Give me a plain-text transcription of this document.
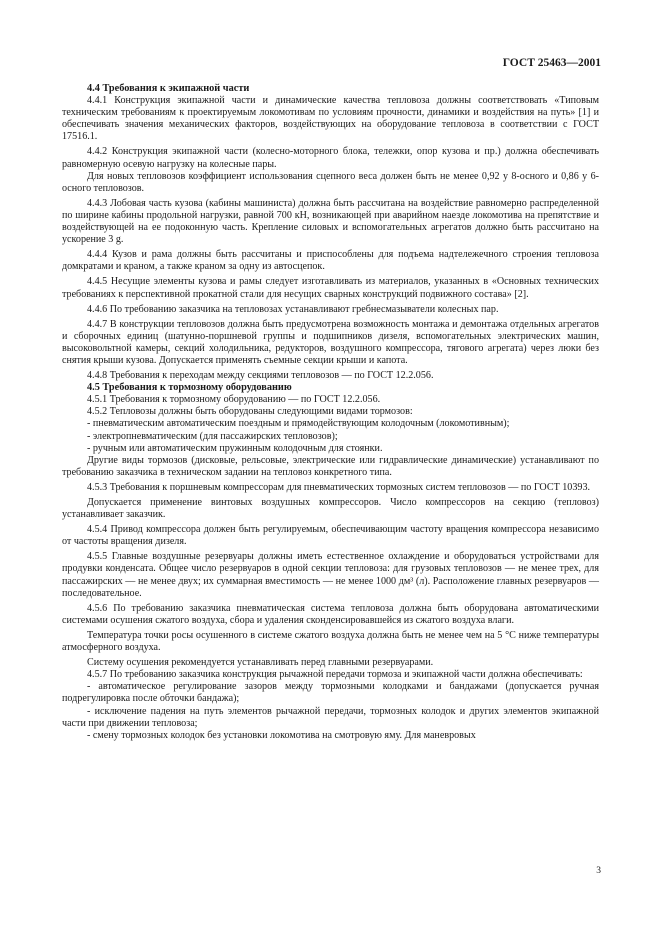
ГОСТ 25463—2001

4.4 Требования к экипажной части

4.4.1 Конструкция экипажной части и динамические качества тепловоза должны соответствовать «Типовым техническим требованиям к проектируемым локомотивам по условиям прочности, динамики и воздействия на путь» [1] и обеспечивать значения механических факторов, воздействующих на оборудование тепловоза в соответствии с ГОСТ 17516.1.

4.4.2 Конструкция экипажной части (колесно-моторного блока, тележки, опор кузова и пр.) должна обеспечивать равномерную осевую нагрузку на колесные пары.

Для новых тепловозов коэффициент использования сцепного веса должен быть не менее 0,92 у 8-осного и 0,86 у 6-осного тепловозов.

4.4.3 Лобовая часть кузова (кабины машиниста) должна быть рассчитана на воздействие равномерно распределенной по ширине кабины продольной нагрузки, равной 700 кН, возникающей при аварийном наезде локомотива на препятствие и воздействующей на ее подоконную часть. Крепление силовых и вспомогательных агрегатов должно быть рассчитано на ускорение 3 g.

4.4.4 Кузов и рама должны быть рассчитаны и приспособлены для подъема надтележечного строения тепловоза домкратами и краном, а также краном за одну из автосцепок.

4.4.5 Несущие элементы кузова и рамы следует изготавливать из материалов, указанных в «Основных технических требованиях к перспективной прокатной стали для несущих сварных конструкций подвижного состава» [2].

4.4.6 По требованию заказчика на тепловозах устанавливают гребнесмазыватели колесных пар.

4.4.7 В конструкции тепловозов должна быть предусмотрена возможность монтажа и демонтажа отдельных агрегатов и сборочных единиц (шатунно-поршневой группы и подшипников дизеля, вспомогательных электрических машин, высоковольтной камеры, секций холодильника, редукторов, воздушного компрессора, тягового агрегата) через люки без снятия крыши кузова. Допускается применять съемные секции крыши и капота.

4.4.8 Требования к переходам между секциями тепловозов — по ГОСТ 12.2.056.

4.5 Требования к тормозному оборудованию

4.5.1 Требования к тормозному оборудованию — по ГОСТ 12.2.056.

4.5.2 Тепловозы должны быть оборудованы следующими видами тормозов:

- пневматическим автоматическим поездным и прямодействующим колодочным (локомотивным);

- электропневматическим (для пассажирских тепловозов);

- ручным или автоматическим пружинным колодочным для стоянки.

Другие виды тормозов (дисковые, рельсовые, электрические или гидравлические динамические) устанавливают по требованию заказчика в техническом задании на тепловоз конкретного типа.

4.5.3 Требования к поршневым компрессорам для пневматических тормозных систем тепловозов — по ГОСТ 10393.

Допускается применение винтовых воздушных компрессоров. Число компрессоров на секцию (тепловоз) устанавливает заказчик.

4.5.4 Привод компрессора должен быть регулируемым, обеспечивающим частоту вращения компрессора независимо от частоты вращения дизеля.

4.5.5 Главные воздушные резервуары должны иметь естественное охлаждение и оборудоваться устройствами для продувки конденсата. Общее число резервуаров в одной секции тепловоза: для грузовых тепловозов — не менее трех, для пассажирских — не менее двух; их суммарная вместимость — не менее 1000 дм³ (л). Расположение главных резервуаров — последовательное.

4.5.6 По требованию заказчика пневматическая система тепловоза должна быть оборудована автоматическими системами осушения сжатого воздуха, сбора и удаления сконденсировавшейся из сжатого воздуха влаги.

Температура точки росы осушенного в системе сжатого воздуха должна быть не менее чем на 5 °С ниже температуры атмосферного воздуха.

Систему осушения рекомендуется устанавливать перед главными резервуарами.

4.5.7 По требованию заказчика конструкция рычажной передачи тормоза и экипажной части должна обеспечивать:

- автоматическое регулирование зазоров между тормозными колодками и бандажами (допускается ручная подрегулировка после обточки бандажа);

- исключение падения на путь элементов рычажной передачи, тормозных колодок и других элементов экипажной части при движении тепловоза;

- смену тормозных колодок без установки локомотива на смотровую яму. Для маневровых

3
